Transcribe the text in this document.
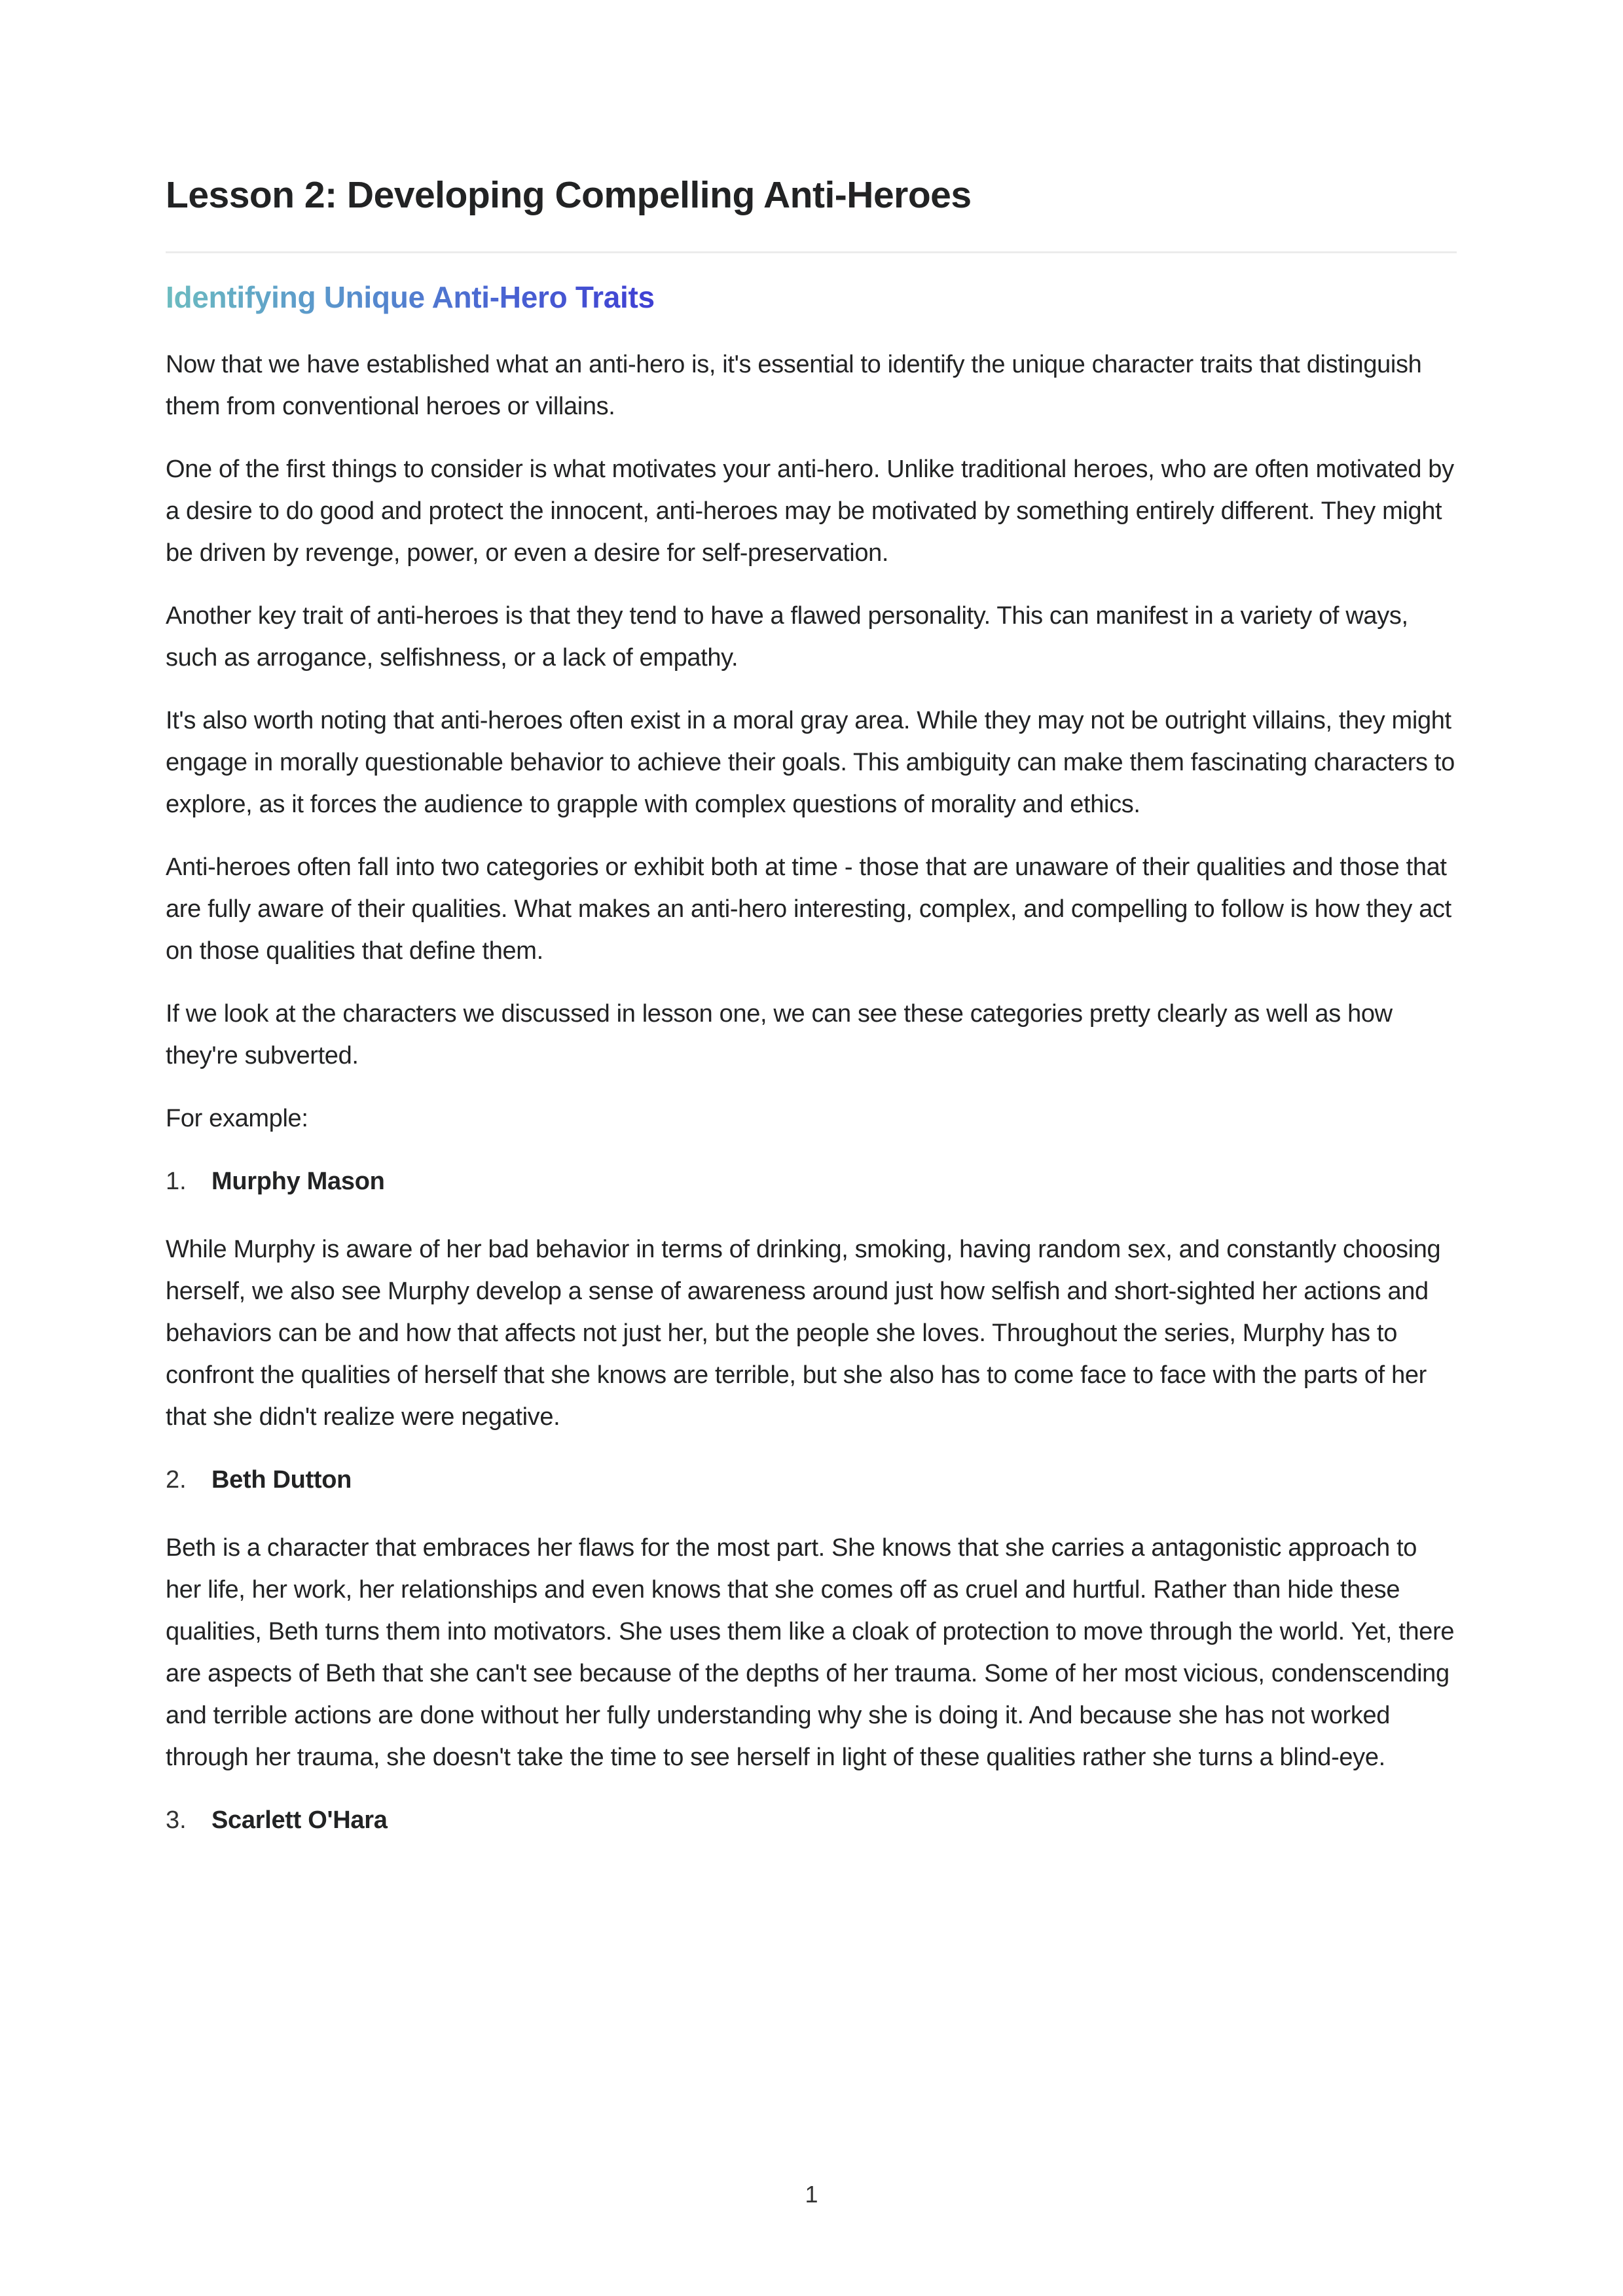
Lesson 2: Developing Compelling Anti-Heroes
Identifying Unique Anti-Hero Traits

Now that we have established what an anti-hero is, it's essential to identify the unique character traits that distinguish them from conventional heroes or villains.

One of the first things to consider is what motivates your anti-hero. Unlike traditional heroes, who are often motivated by a desire to do good and protect the innocent, anti-heroes may be motivated by something entirely different. They might be driven by revenge, power, or even a desire for self-preservation.

Another key trait of anti-heroes is that they tend to have a flawed personality. This can manifest in a variety of ways, such as arrogance, selfishness, or a lack of empathy.

It's also worth noting that anti-heroes often exist in a moral gray area. While they may not be outright villains, they might engage in morally questionable behavior to achieve their goals. This ambiguity can make them fascinating characters to explore, as it forces the audience to grapple with complex questions of morality and ethics.

Anti-heroes often fall into two categories or exhibit both at time - those that are unaware of their qualities and those that are fully aware of their qualities. What makes an anti-hero interesting, complex, and compelling to follow is how they act on those qualities that define them.

If we look at the characters we discussed in lesson one, we can see these categories pretty clearly as well as how they're subverted.

For example:

1.	Murphy Mason

While Murphy is aware of her bad behavior in terms of drinking, smoking, having random sex, and constantly choosing herself, we also see Murphy develop a sense of awareness around just how selfish and short-sighted her actions and behaviors can be and how that affects not just her, but the people she loves. Throughout the series, Murphy has to confront the qualities of herself that she knows are terrible, but she also has to come face to face with the parts of her that she didn't realize were negative.

2.	Beth Dutton

Beth is a character that embraces her flaws for the most part. She knows that she carries a antagonistic approach to her life, her work, her relationships and even knows that she comes off as cruel and hurtful. Rather than hide these qualities, Beth turns them into motivators. She uses them like a cloak of protection to move through the world. Yet, there are aspects of Beth that she can't see because of the depths of her trauma. Some of her most vicious, condenscending and terrible actions are done without her fully understanding why she is doing it. And because she has not worked through her trauma, she doesn't take the time to see herself in light of these qualities rather she turns a blind-eye.

3.	Scarlett O'Hara
1
